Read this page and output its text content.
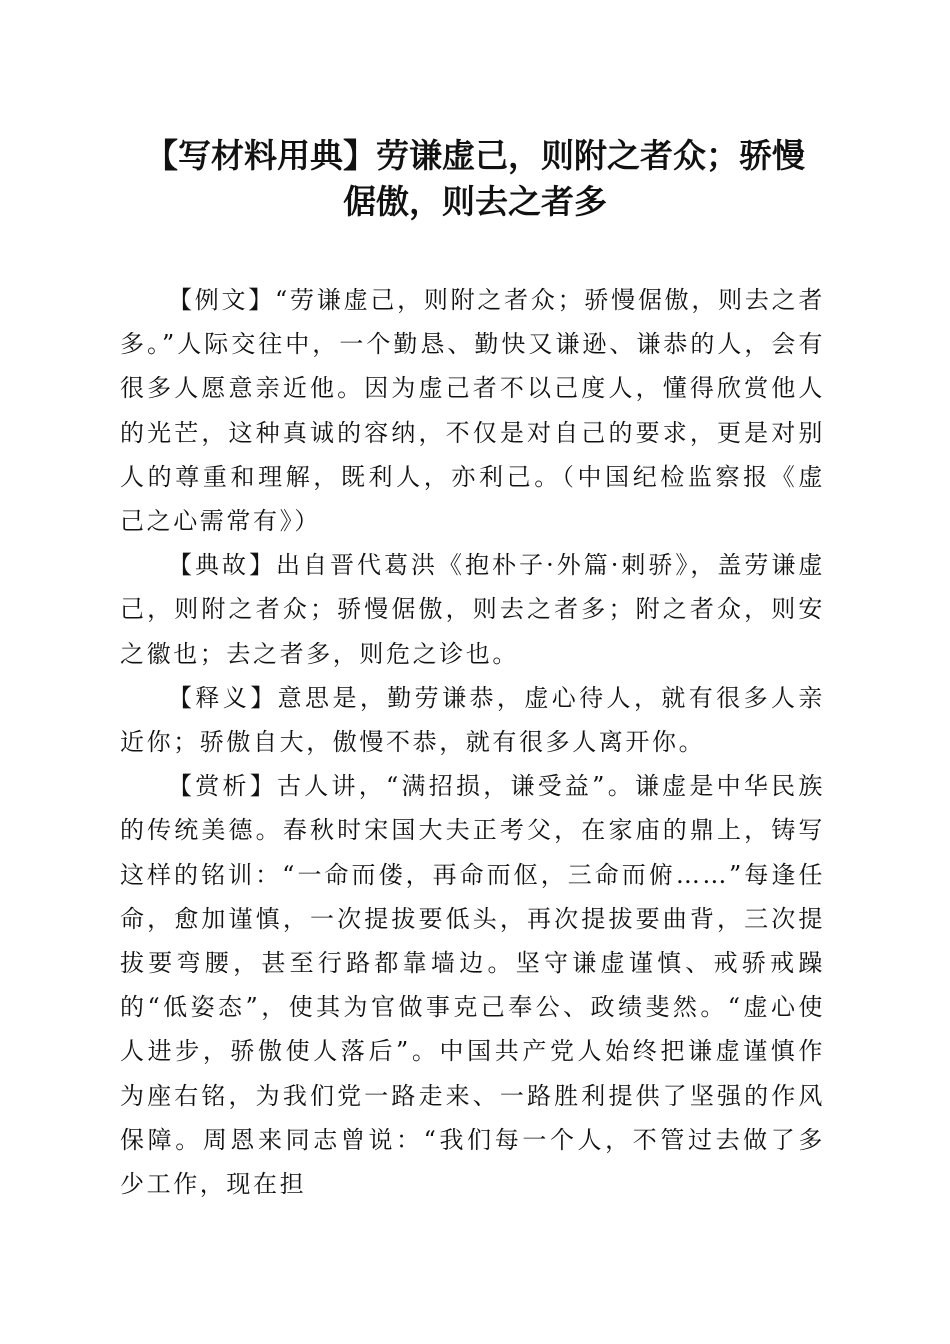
【写材料用典】劳谦虚己，则附之者众；骄慢
倨傲，则去之者多

【例文】“劳谦虚己，则附之者众；骄慢倨傲，则去之者多。”人际交往中，一个勤恳、勤快又谦逊、谦恭的人，会有很多人愿意亲近他。因为虚己者不以己度人，懂得欣赏他人的光芒，这种真诚的容纳，不仅是对自己的要求，更是对别人的尊重和理解，既利人，亦利己。（中国纪检监察报《虚己之心需常有》）

【典故】出自晋代葛洪《抱朴子·外篇·刺骄》，盖劳谦虚己，则附之者众；骄慢倨傲，则去之者多；附之者众，则安之徽也；去之者多，则危之诊也。

【释义】意思是，勤劳谦恭，虚心待人，就有很多人亲近你；骄傲自大，傲慢不恭，就有很多人离开你。

【赏析】古人讲，“满招损，谦受益”。谦虚是中华民族的传统美德。春秋时宋国大夫正考父，在家庙的鼎上，铸写这样的铭训：“一命而偻，再命而伛，三命而俯……”每逢任命，愈加谨慎，一次提拔要低头，再次提拔要曲背，三次提拔要弯腰，甚至行路都靠墙边。坚守谦虚谨慎、戒骄戒躁的“低姿态”，使其为官做事克己奉公、政绩斐然。“虚心使人进步，骄傲使人落后”。中国共产党人始终把谦虚谨慎作为座右铭，为我们党一路走来、一路胜利提供了坚强的作风保障。周恩来同志曾说：“我们每一个人，不管过去做了多少工作，现在担
